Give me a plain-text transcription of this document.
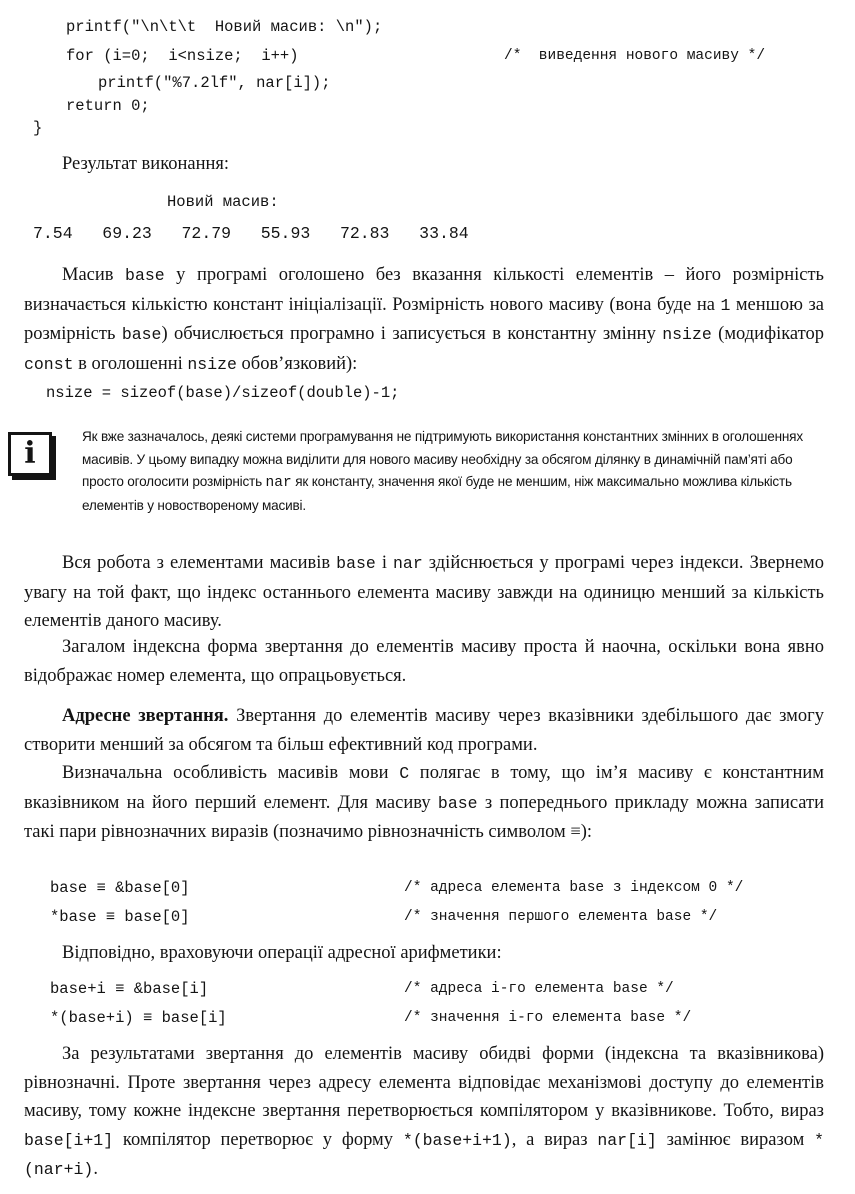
printf("\n\t\t  Новий масив: \n");
for (i=0;  i<nsize;  i++)	/*  виведення нового масиву */
printf("%7.2lf", nar[i]);
return 0;
}
Результат виконання:
Новий масив:
7.54   69.23   72.79   55.93   72.83   33.84

Масив base у програмі оголошено без вказання кількості елементів – його розмірність визначається кількістю констант ініціалізації. Розмірність нового масиву (вона буде на 1 меншою за розмірність base) обчислюється програмно і записується в константну змінну nsize (модифікатор const в оголошенні nsize обов’язковий):

nsize = sizeof(base)/sizeof(double)-1;
i	Як вже зазначалось, деякі системи програмування не підтримують використання константних змінних в оголошеннях масивів. У цьому випадку можна виділити для нового масиву необхідну за обсягом ділянку в динамічній пам’яті або просто оголосити розмірність nar як константу, значення якої буде не меншим, ніж максимально можлива кількість елементів у новоствореному масиві.

Вся робота з елементами масивів base і nar здійснюється у програмі через індекси. Звернемо увагу на той факт, що індекс останнього елемента масиву завжди на одиницю менший за кількість елементів даного масиву.

Загалом індексна форма звертання до елементів масиву проста й наочна, оскільки вона явно відображає номер елемента, що опрацьовується.

Адресне звертання. Звертання до елементів масиву через вказівники здебільшого дає змогу створити менший за обсягом та більш ефективний код програми.

Визначальна особливість масивів мови C полягає в тому, що ім’я масиву є константним вказівником на його перший елемент. Для масиву base з попереднього прикладу можна записати такі пари рівнозначних виразів (позначимо рівнозначність символом ≡):

base ≡ &base[0]	/* адреса елемента base з індексом 0 */
*base ≡ base[0]	/* значення першого елемента base */

Відповідно, враховуючи операції адресної арифметики:

base+i ≡ &base[i]	/* адреса i-го елемента base */
*(base+i) ≡ base[i]	/* значення i-го елемента base */

За результатами звертання до елементів масиву обидві форми (індексна та вказівникова) рівнозначні. Проте звертання через адресу елемента відповідає механізмові доступу до елементів масиву, тому кожне індексне звертання перетворюється компілятором у вказівникове. Тобто, вираз base[i+1] компілятор перетворює у форму *(base+i+1), а вираз nar[i] замінює виразом *(nar+i).
